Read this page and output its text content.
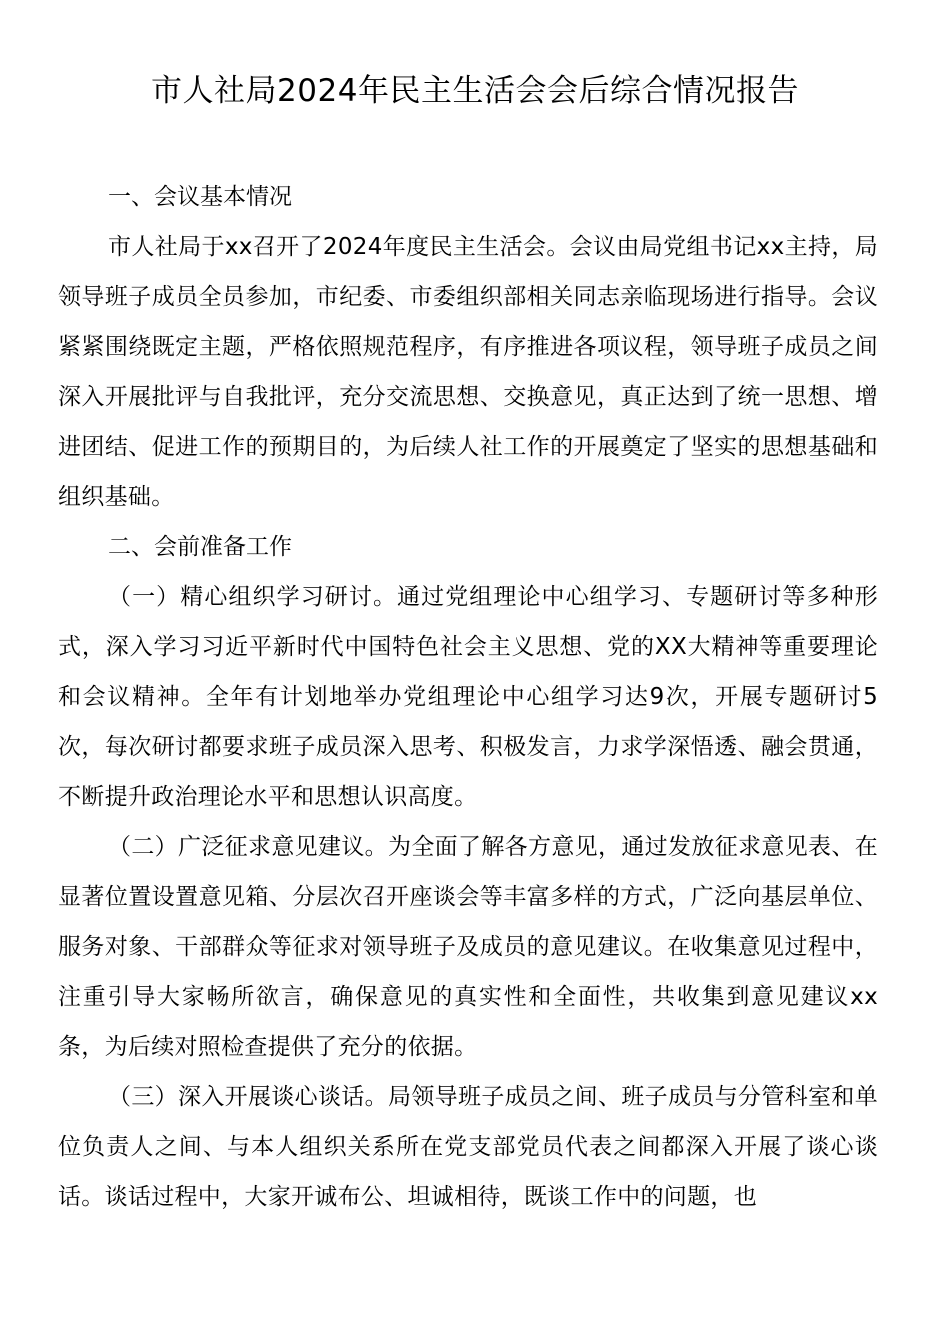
市人社局2024年民主生活会会后综合情况报告

一、会议基本情况

市人社局于xx召开了2024年度民主生活会。会议由局党组书记xx主持，局领导班子成员全员参加，市纪委、市委组织部相关同志亲临现场进行指导。会议紧紧围绕既定主题，严格依照规范程序，有序推进各项议程，领导班子成员之间深入开展批评与自我批评，充分交流思想、交换意见，真正达到了统一思想、增进团结、促进工作的预期目的，为后续人社工作的开展奠定了坚实的思想基础和组织基础。

二、会前准备工作

（一）精心组织学习研讨。通过党组理论中心组学习、专题研讨等多种形式，深入学习习近平新时代中国特色社会主义思想、党的XX大精神等重要理论和会议精神。全年有计划地举办党组理论中心组学习达9次，开展专题研讨5次，每次研讨都要求班子成员深入思考、积极发言，力求学深悟透、融会贯通，不断提升政治理论水平和思想认识高度。

（二）广泛征求意见建议。为全面了解各方意见，通过发放征求意见表、在显著位置设置意见箱、分层次召开座谈会等丰富多样的方式，广泛向基层单位、服务对象、干部群众等征求对领导班子及成员的意见建议。在收集意见过程中，注重引导大家畅所欲言，确保意见的真实性和全面性，共收集到意见建议xx条，为后续对照检查提供了充分的依据。

（三）深入开展谈心谈话。局领导班子成员之间、班子成员与分管科室和单位负责人之间、与本人组织关系所在党支部党员代表之间都深入开展了谈心谈话。谈话过程中，大家开诚布公、坦诚相待，既谈工作中的问题，也
